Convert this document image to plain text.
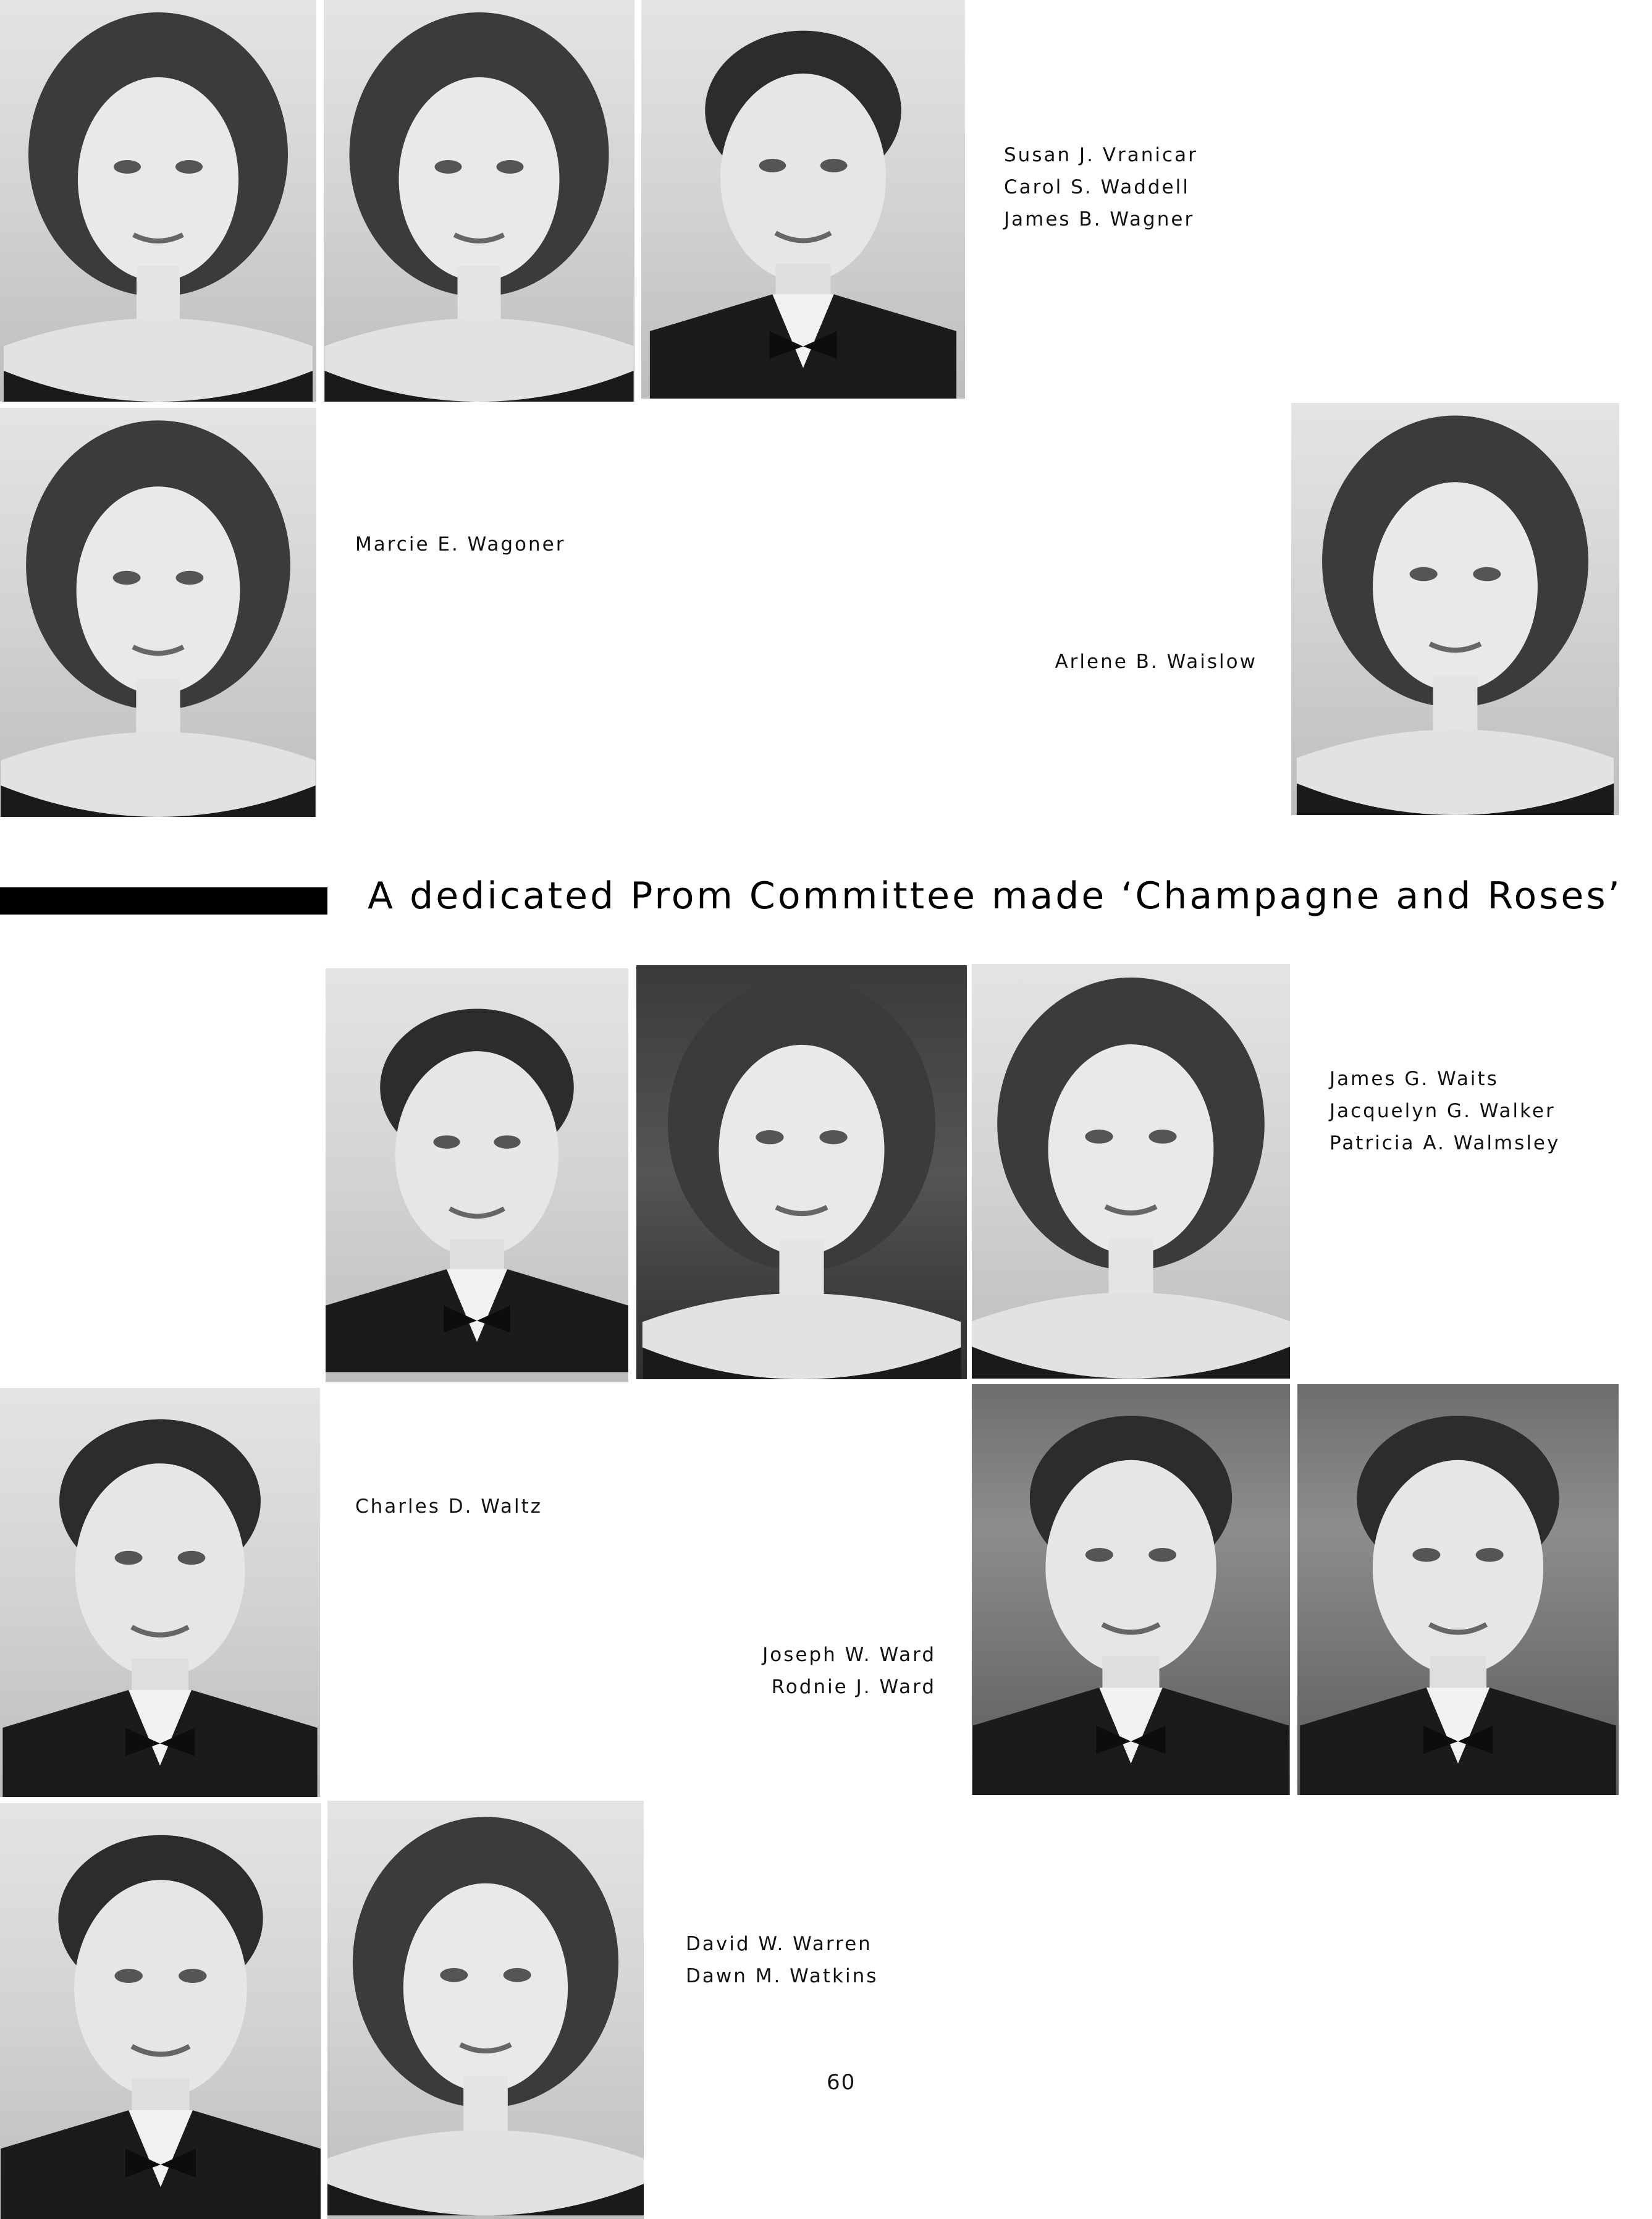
Susan J. Vranicar
Carol S. Waddell
James B. Wagner
Marcie E. Wagoner
Arlene B. Waislow
A dedicated Prom Committee made ‘Champagne and Roses’
James G. Waits
Jacquelyn G. Walker
Patricia A. Walmsley
Charles D. Waltz
Joseph W. Ward
Rodnie J. Ward
David W. Warren
Dawn M. Watkins
60
